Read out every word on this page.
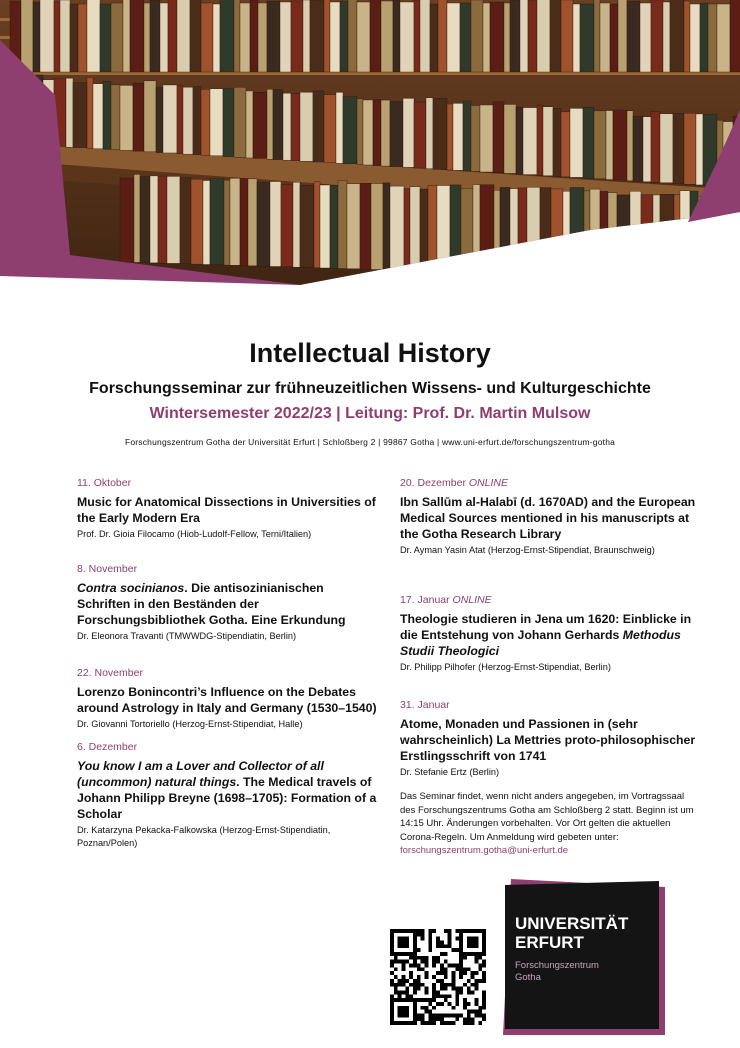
Intellectual History
Forschungsseminar zur frühneuzeitlichen Wissens- und Kulturgeschichte
Wintersemester 2022/23 | Leitung: Prof. Dr. Martin Mulsow
Forschungszentrum Gotha der Universität Erfurt | Schloßberg 2 | 99867 Gotha | www.uni-erfurt.de/forschungszentrum-gotha
11. Oktober
Music for Anatomical Dissections in Universities of the Early Modern Era
Prof. Dr. Gioia Filocamo (Hiob-Ludolf-Fellow, Terni/Italien)
8. November
Contra socinianos. Die antisozinianischen Schriften in den Beständen der Forschungsbibliothek Gotha. Eine Erkundung
Dr. Eleonora Travanti (TMWWDG-Stipendiatin, Berlin)
22. November
Lorenzo Bonincontri’s Influence on the Debates around Astrology in Italy and Germany (1530–1540)
Dr. Giovanni Tortoriello (Herzog-Ernst-Stipendiat, Halle)
6. Dezember
You know I am a Lover and Collector of all (uncommon) natural things. The Medical travels of Johann Philipp Breyne (1698–1705): Formation of a Scholar
Dr. Katarzyna Pekacka-Falkowska (Herzog-Ernst-Stipendiatin, Poznan/Polen)
20. Dezember ONLINE
Ibn Sallūm al-Halabī (d. 1670AD) and the European Medical Sources mentioned in his manuscripts at the Gotha Research Library
Dr. Ayman Yasin Atat (Herzog-Ernst-Stipendiat, Braunschweig)
17. Januar ONLINE
Theologie studieren in Jena um 1620: Einblicke in die Entstehung von Johann Gerhards Methodus Studii Theologici
Dr. Philipp Pilhofer (Herzog-Ernst-Stipendiat, Berlin)
31. Januar
Atome, Monaden und Passionen in (sehr wahrscheinlich) La Mettries proto-philosophischer Erstlingsschrift von 1741
Dr. Stefanie Ertz (Berlin)
Das Seminar findet, wenn nicht anders angegeben, im Vortragssaal des Forschungszentrums Gotha am Schloßberg 2 statt. Beginn ist um 14:15 Uhr. Änderungen vorbehalten. Vor Ort gelten die aktuellen Corona-Regeln. Um Anmeldung wird gebeten unter:
forschungszentrum.gotha@uni-erfurt.de
UNIVERSITÄT
ERFURT
Forschungszentrum
Gotha
